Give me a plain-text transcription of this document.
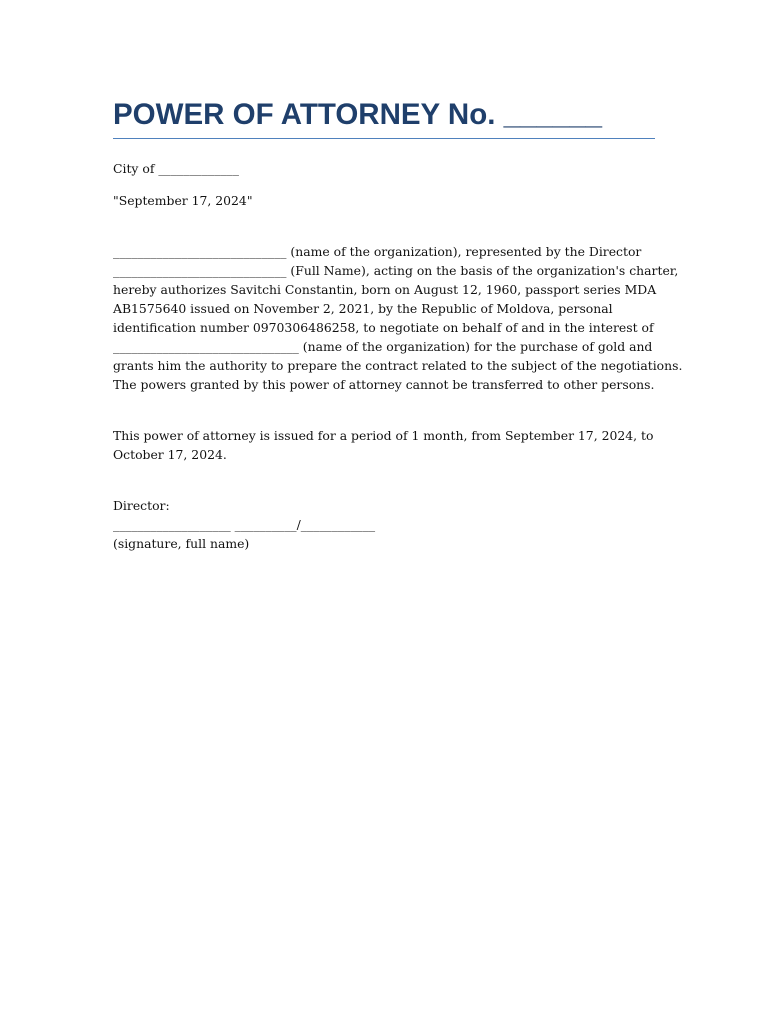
POWER OF ATTORNEY No. ______

City of _____________

"September 17, 2024"

____________________________ (name of the organization), represented by the Director
____________________________ (Full Name), acting on the basis of the organization's charter,
hereby authorizes Savitchi Constantin, born on August 12, 1960, passport series MDA
AB1575640 issued on November 2, 2021, by the Republic of Moldova, personal
identification number 0970306486258, to negotiate on behalf of and in the interest of
______________________________ (name of the organization) for the purchase of gold and
grants him the authority to prepare the contract related to the subject of the negotiations.
The powers granted by this power of attorney cannot be transferred to other persons.

This power of attorney is issued for a period of 1 month, from September 17, 2024, to
October 17, 2024.

Director:
___________________ __________/____________
(signature, full name)
